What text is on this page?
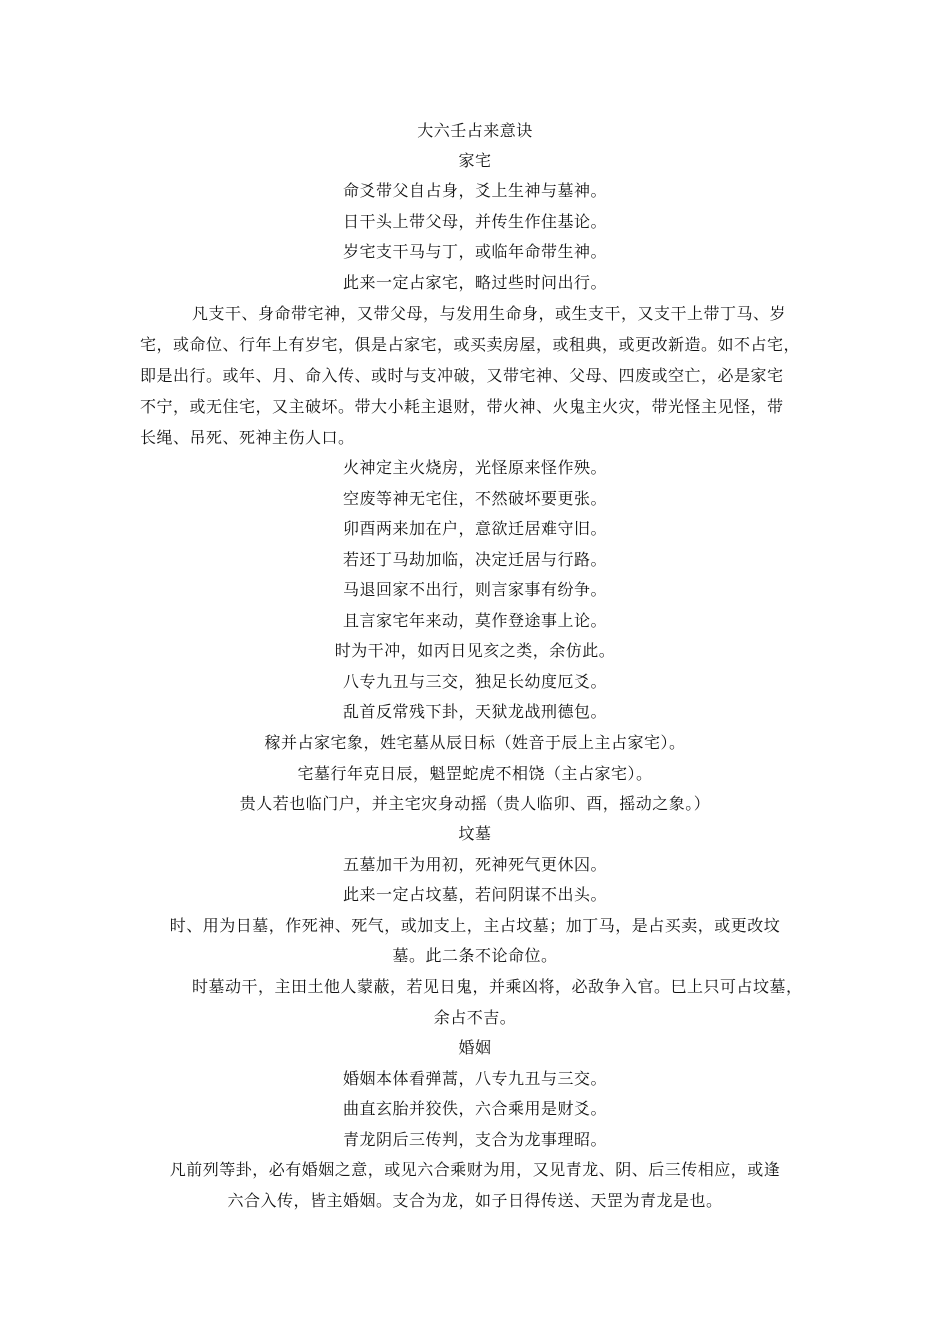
大六壬占来意诀
家宅
命爻带父自占身，爻上生神与墓神。
日干头上带父母，并传生作住基论。
岁宅支干马与丁，或临年命带生神。
此来一定占家宅，略过些时问出行。
凡支干、身命带宅神，又带父母，与发用生命身，或生支干，又支干上带丁马、岁
宅，或命位、行年上有岁宅，俱是占家宅，或买卖房屋，或租典，或更改新造。如不占宅，
即是出行。或年、月、命入传、或时与支冲破，又带宅神、父母、四废或空亡，必是家宅
不宁，或无住宅，又主破坏。带大小耗主退财，带火神、火鬼主火灾，带光怪主见怪，带
长绳、吊死、死神主伤人口。
火神定主火烧房，光怪原来怪作殃。
空废等神无宅住，不然破坏要更张。
卯酉两来加在户，意欲迁居难守旧。
若还丁马劫加临，决定迁居与行路。
马退回家不出行，则言家事有纷争。
且言家宅年来动，莫作登途事上论。
时为干冲，如丙日见亥之类，余仿此。
八专九丑与三交，独足长幼度厄爻。
乱首反常残下卦，天狱龙战刑德包。
稼并占家宅象，姓宅墓从辰日标（姓音于辰上主占家宅）。
宅墓行年克日辰，魁罡蛇虎不相饶（主占家宅）。
贵人若也临门户，并主宅灾身动摇（贵人临卯、酉，摇动之象。）
坟墓
五墓加干为用初，死神死气更休囚。
此来一定占坟墓，若问阴谋不出头。
时、用为日墓，作死神、死气，或加支上，主占坟墓；加丁马，是占买卖，或更改坟
墓。此二条不论命位。
时墓动干，主田土他人蒙蔽，若见日鬼，并乘凶将，必敌争入官。巳上只可占坟墓，
余占不吉。
婚姻
婚姻本体看弹蒿，八专九丑与三交。
曲直玄胎并狡佚，六合乘用是财爻。
青龙阴后三传判，支合为龙事理昭。
凡前列等卦，必有婚姻之意，或见六合乘财为用，又见青龙、阴、后三传相应，或逢
六合入传，皆主婚姻。支合为龙，如子日得传送、天罡为青龙是也。
